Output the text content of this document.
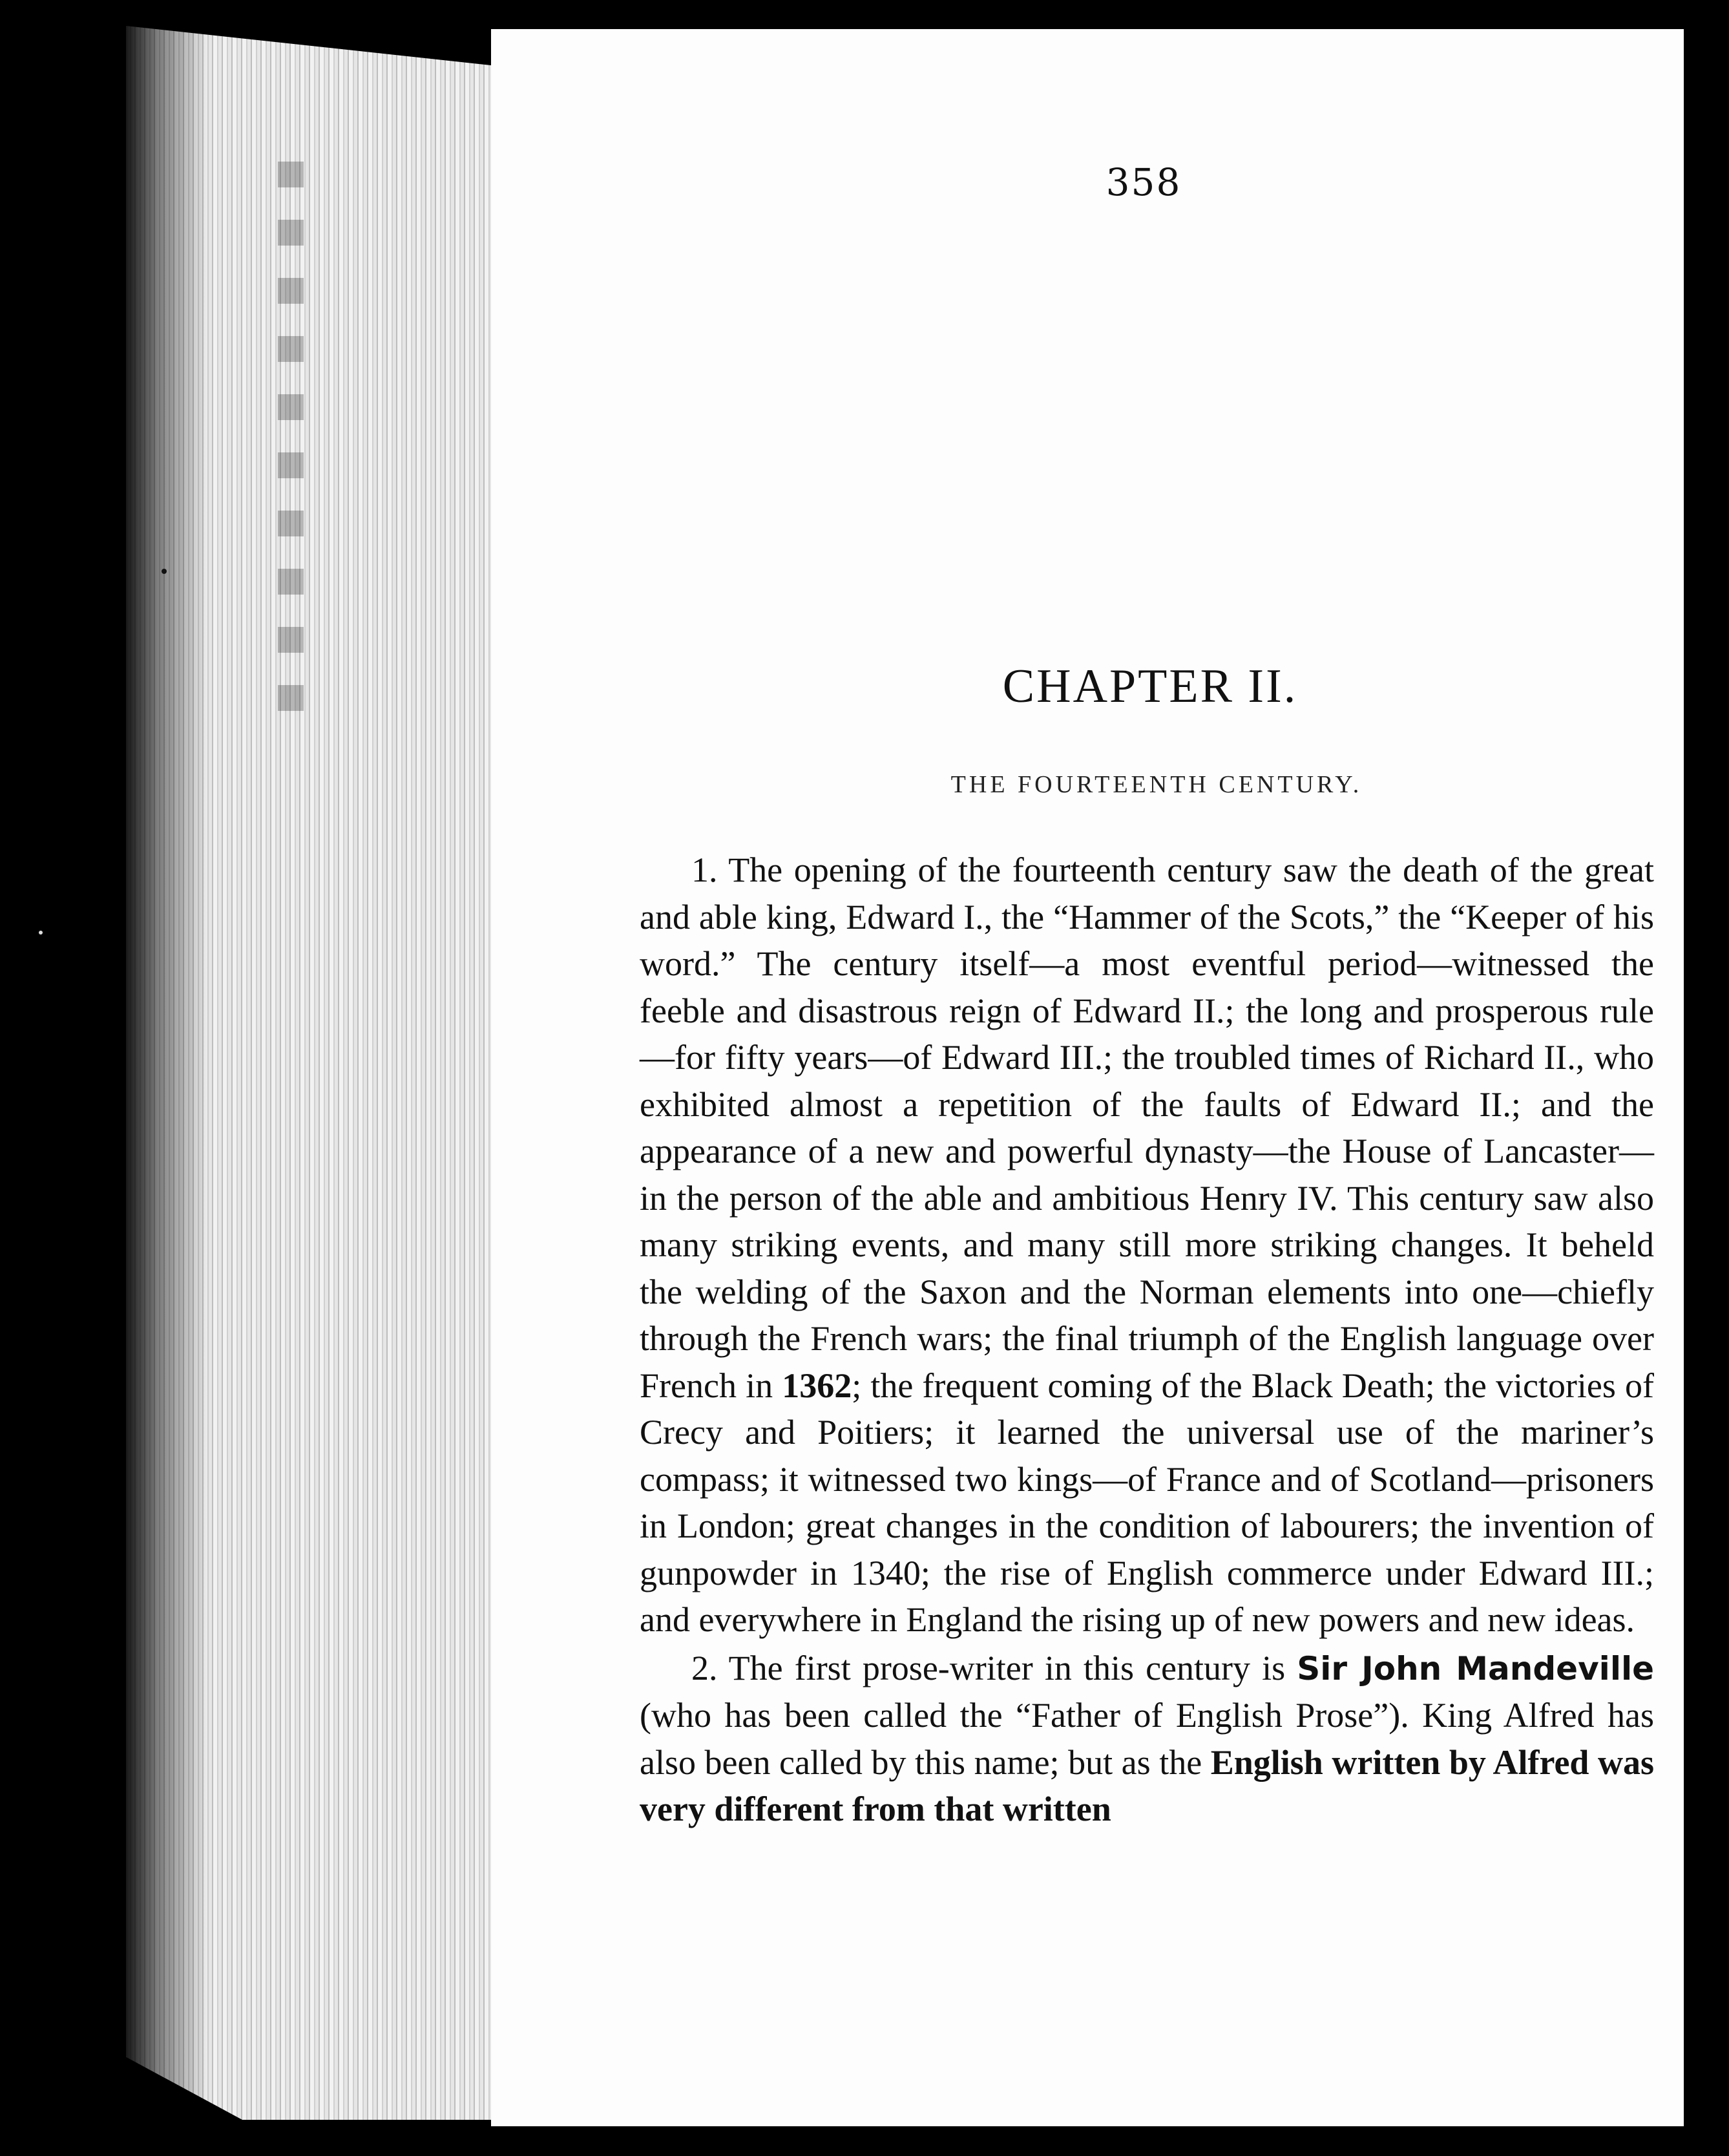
358
CHAPTER II.
THE FOURTEENTH CENTURY.

1. The opening of the fourteenth century saw the death of the great and able king, Edward I., the “Hammer of the Scots,” the “Keeper of his word.” The century itself—a most eventful period—witnessed the feeble and disastrous reign of Edward II.; the long and prosperous rule—for fifty years—of Edward III.; the troubled times of Richard II., who exhibited almost a repetition of the faults of Edward II.; and the appearance of a new and powerful dynasty—the House of Lancaster—in the person of the able and ambitious Henry IV. This century saw also many striking events, and many still more striking changes. It beheld the welding of the Saxon and the Norman elements into one—chiefly through the French wars; the final triumph of the English language over French in 1362; the frequent coming of the Black Death; the victories of Crecy and Poitiers; it learned the universal use of the mariner’s compass; it witnessed two kings—of France and of Scotland—prisoners in London; great changes in the condition of labourers; the invention of gunpowder in 1340; the rise of English commerce under Edward III.; and everywhere in England the rising up of new powers and new ideas.

2. The first prose-writer in this century is Sir John Mandeville (who has been called the “Father of English Prose”). King Alfred has also been called by this name; but as the English written by Alfred was very different from that written
